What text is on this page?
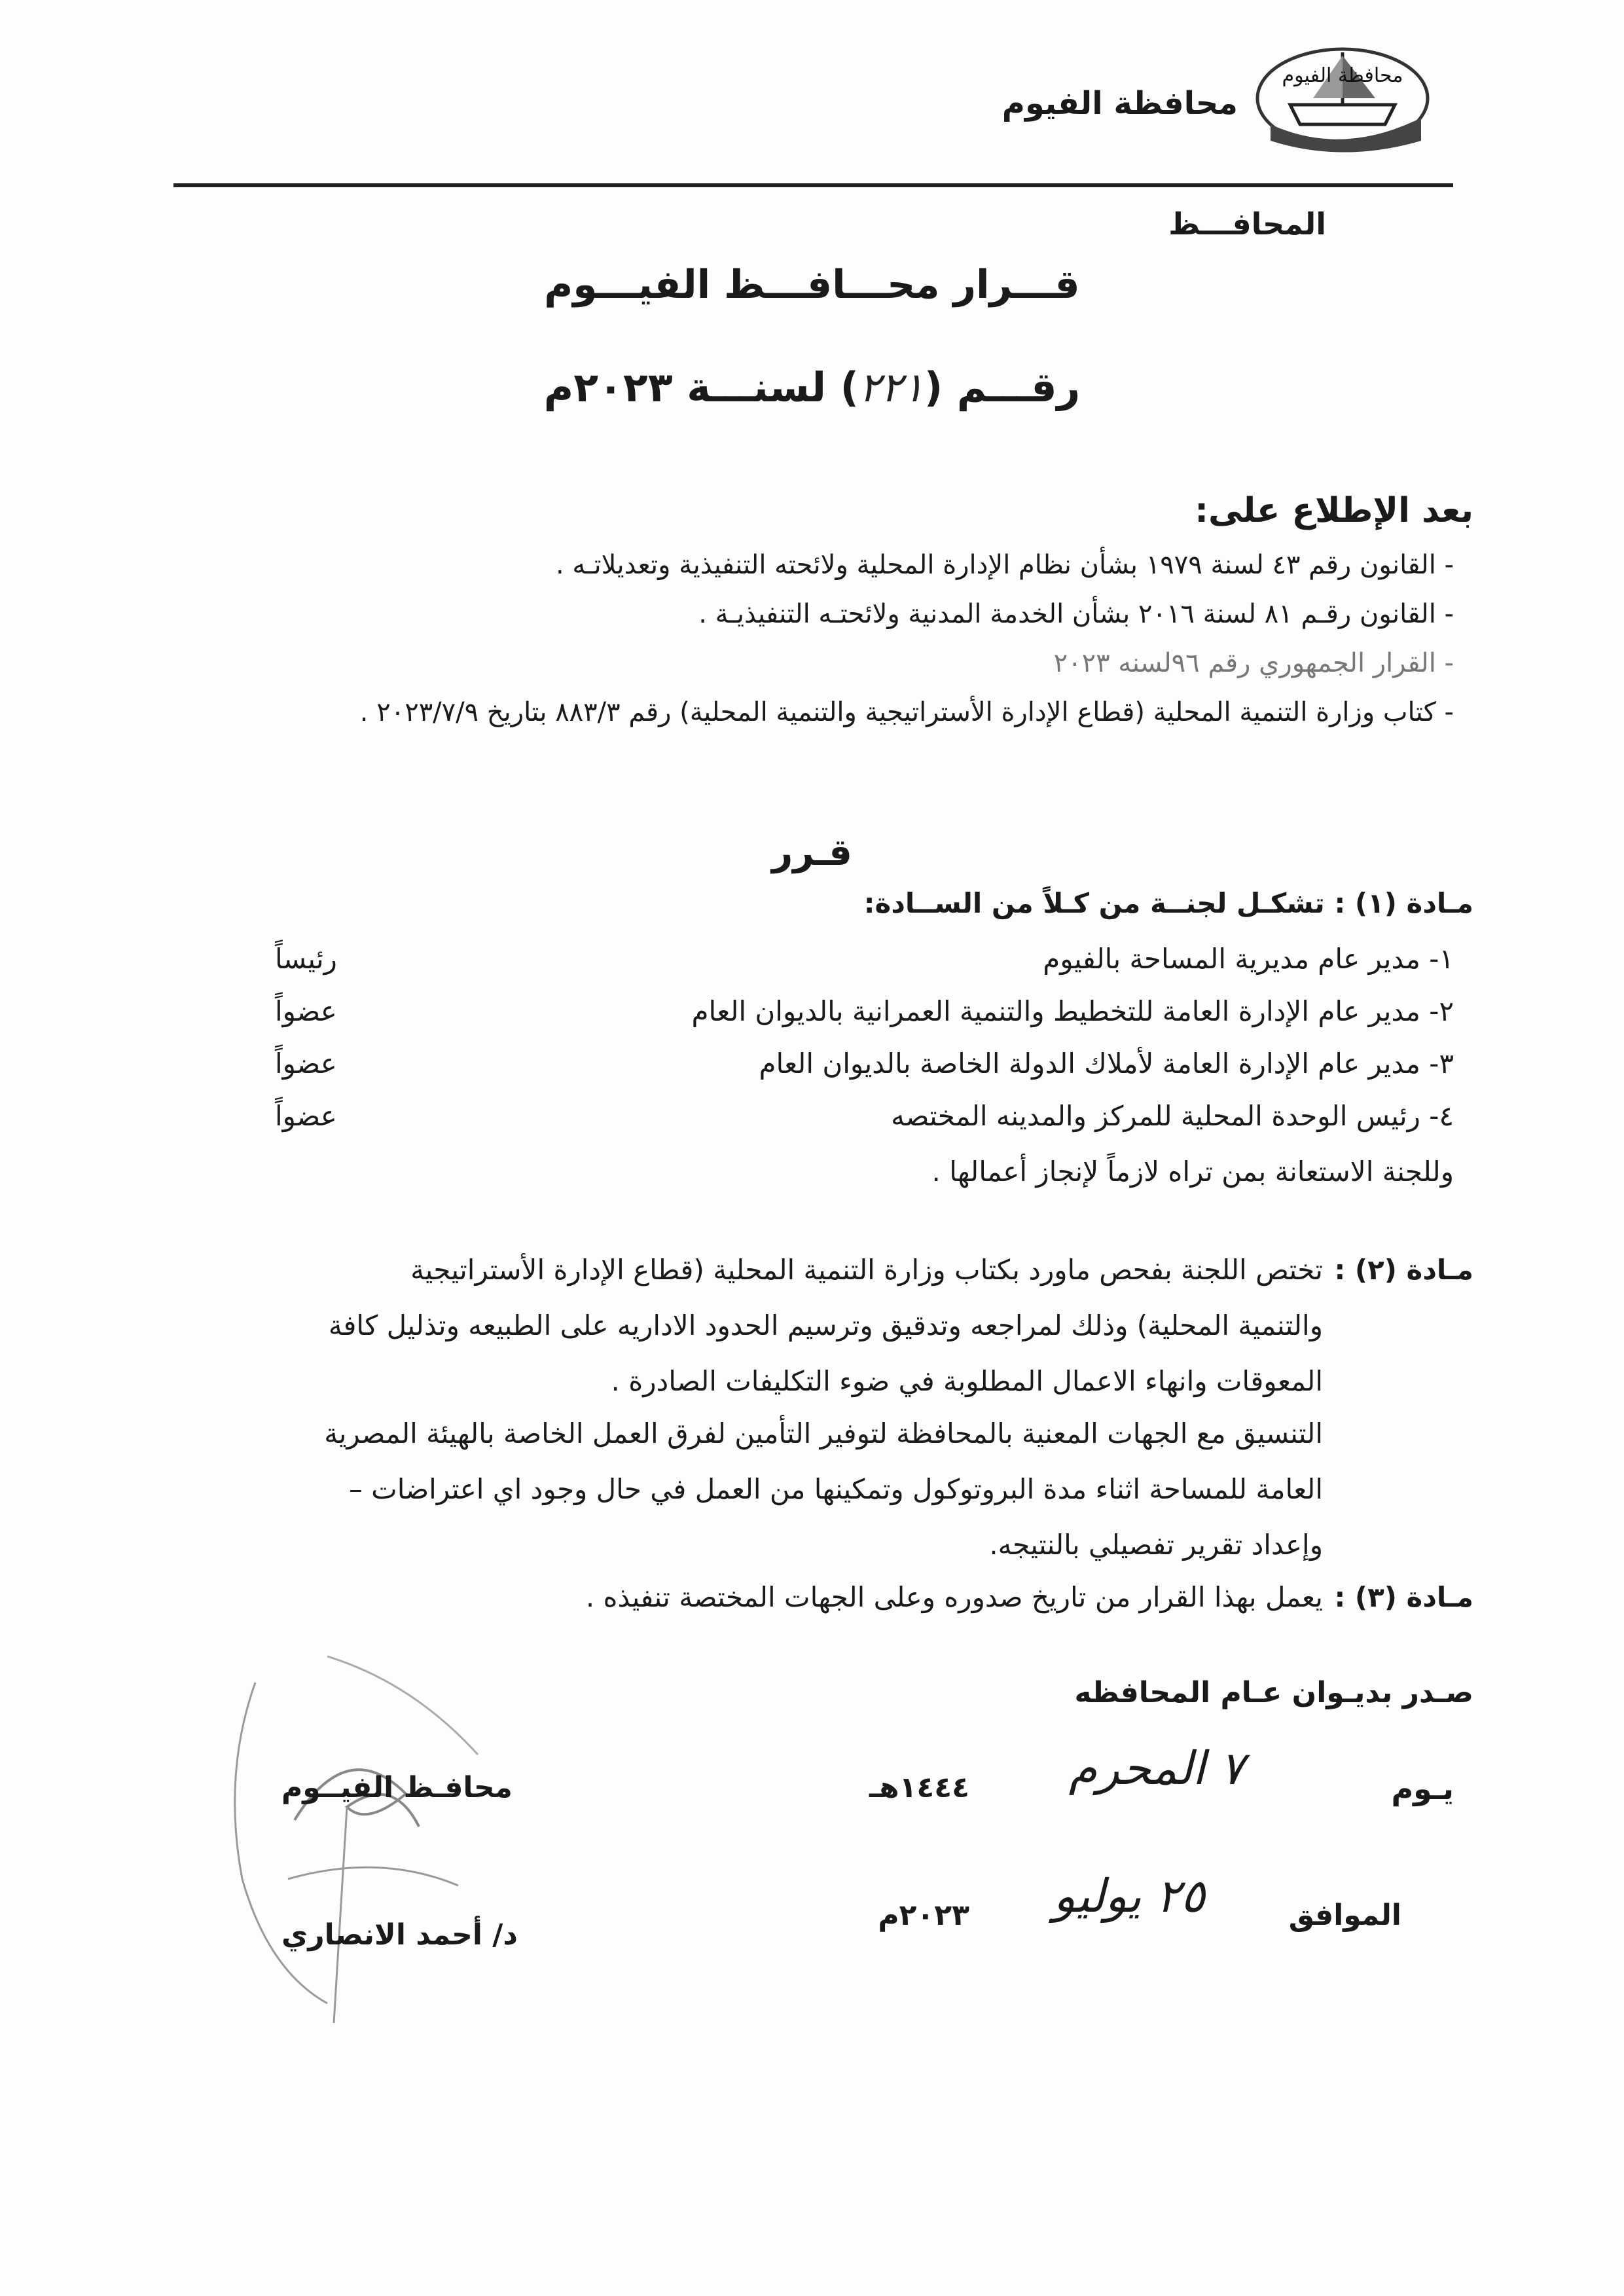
محافظة الفيوم
محافظة الفيوم
المحافـــظ
قـــرار محـــافـــظ الفيـــوم
رقـــم (٢٢١) لسنـــة ٢٠٢٣م
بعد الإطلاع على:
- القانون رقم ٤٣ لسنة ١٩٧٩ بشأن نظام الإدارة المحلية ولائحته التنفيذية وتعديلاتـه .
- القانون رقـم ٨١ لسنة ٢٠١٦ بشأن الخدمة المدنية ولائحتـه التنفيذيـة .
- القرار الجمهوري رقم ٩٦لسنه ٢٠٢٣
- كتاب وزارة التنمية المحلية (قطاع الإدارة الأستراتيجية والتنمية المحلية) رقم ٨٨٣/٣ بتاريخ ٢٠٢٣/٧/٩ .
قـرر
مـادة (١) : تشكـل لجنــة من كـلاً من الســادة:
١- مدير عام مديرية المساحة بالفيوم
رئيساً
٢- مدير عام الإدارة العامة للتخطيط والتنمية العمرانية بالديوان العام
عضواً
٣- مدير عام الإدارة العامة لأملاك الدولة الخاصة بالديوان العام
عضواً
٤- رئيس الوحدة المحلية للمركز والمدينه المختصه
عضواً
وللجنة الاستعانة بمن تراه لازماً لإنجاز أعمالها .
مـادة (٢) :
تختص اللجنة بفحص ماورد بكتاب وزارة التنمية المحلية (قطاع الإدارة الأستراتيجية
والتنمية المحلية) وذلك لمراجعه وتدقيق وترسيم الحدود الاداريه على الطبيعه وتذليل كافة
المعوقات وانهاء الاعمال المطلوبة في ضوء التكليفات الصادرة .
التنسيق مع الجهات المعنية بالمحافظة لتوفير التأمين لفرق العمل الخاصة بالهيئة المصرية
العامة للمساحة اثناء مدة البروتوكول وتمكينها من العمل في حال وجود اي اعتراضات –
وإعداد تقرير تفصيلي بالنتيجه.
مـادة (٣) :
يعمل بهذا القرار من تاريخ صدوره وعلى الجهات المختصة تنفيذه .
صـدر بديـوان عـام المحافظه
يـوم
٧ المحرم
١٤٤٤هـ
الموافق
٢٥ يوليو
٢٠٢٣م
محافـظ الفيــوم
د/ أحمد الانصاري
